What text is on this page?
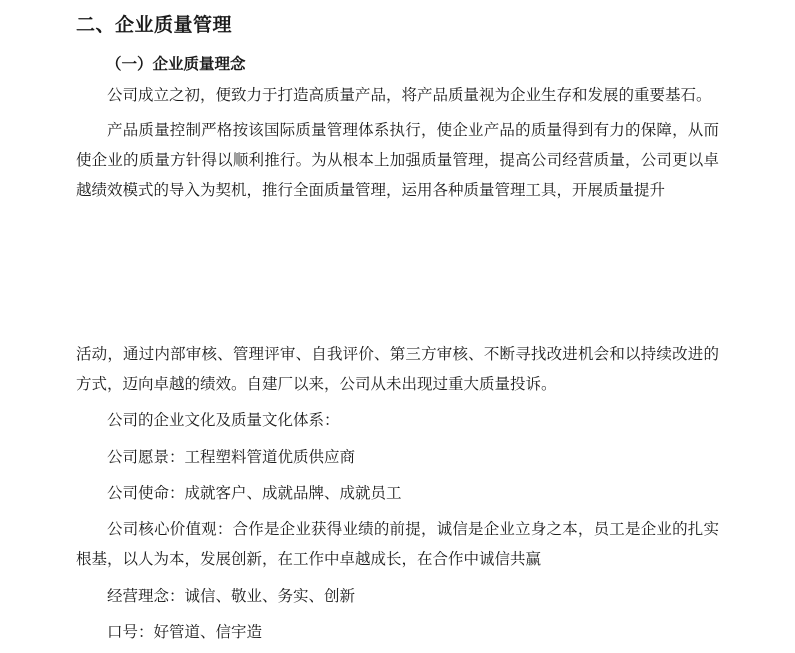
二、企业质量管理
（一）企业质量理念

公司成立之初，便致力于打造高质量产品，将产品质量视为企业生存和发展的重要基石。

产品质量控制严格按该国际质量管理体系执行，使企业产品的质量得到有力的保障，从而使企业的质量方针得以顺利推行。为从根本上加强质量管理，提高公司经营质量，公司更以卓越绩效模式的导入为契机，推行全面质量管理，运用各种质量管理工具，开展质量提升

活动，通过内部审核、管理评审、自我评价、第三方审核、不断寻找改进机会和以持续改进的方式，迈向卓越的绩效。自建厂以来，公司从未出现过重大质量投诉。

公司的企业文化及质量文化体系：

公司愿景：工程塑料管道优质供应商

公司使命：成就客户、成就品牌、成就员工

公司核心价值观：合作是企业获得业绩的前提，诚信是企业立身之本，员工是企业的扎实根基，以人为本，发展创新，在工作中卓越成长，在合作中诚信共赢

经营理念：诚信、敬业、务实、创新

口号：好管道、信宇造
